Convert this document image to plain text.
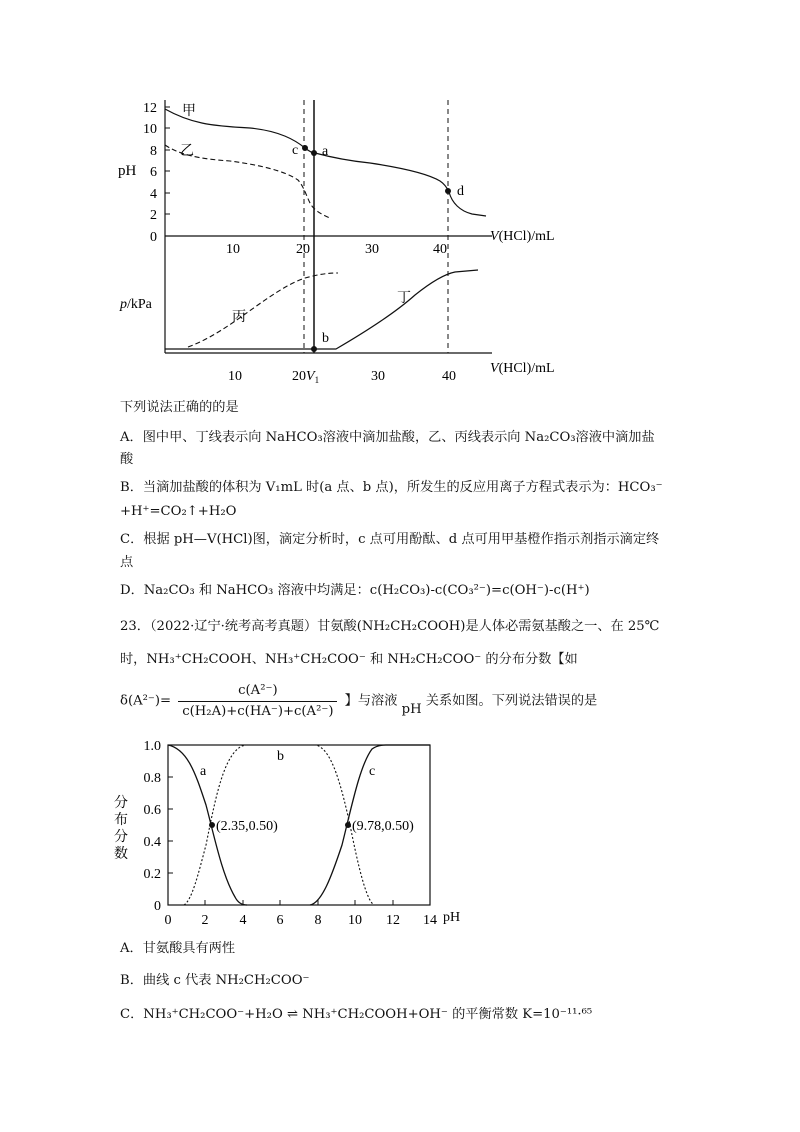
12
10
8
6
4
2
0
pH
10	20	30	40
V(HCl)/mL
10	30	40
$20V_1$
V(HCl)/mL
p/kPa
c a
d
b
甲
乙
丙
丁
下列说法正确的的是
A．图中甲、丁线表示向 NaHCO₃溶液中滴加盐酸，乙、丙线表示向 Na₂CO₃溶液中滴加盐
酸
B．当滴加盐酸的体积为 V₁mL 时(a 点、b 点)，所发生的反应用离子方程式表示为：HCO₃⁻
+H⁺=CO₂↑+H₂O
C．根据 pH—V(HCl)图，滴定分析时，c 点可用酚酞、d 点可用甲基橙作指示剂指示滴定终
点
D．Na₂CO₃ 和 NaHCO₃ 溶液中均满足：c(H₂CO₃)-c(CO₃²⁻)=c(OH⁻)-c(H⁺)
23．（2022·辽宁·统考高考真题）甘氨酸(NH₂CH₂COOH)是人体必需氨基酸之一、在 25℃
时，NH₃⁺CH₂COOH、NH₃⁺CH₂COO⁻ 和 NH₂CH₂COO⁻ 的分布分数【如
$\delta(A^{2-})= \frac{\text{c(A²⁻)}}{\text{c(H₂A)+c(HA⁻)+c(A²⁻)}}$ 】与溶液 pH 关系如图。下列说法错误的是
1.0
0.8
0.6
0.4
0.2
0
0 2 4 6 8 10 12 14 pH
分
布
分
数
(2.35,0.50)	(9.78,0.50)
a
b
c
A．甘氨酸具有两性
B．曲线 c 代表 NH₂CH₂COO⁻
C．NH₃⁺CH₂COO⁻+H₂O ⇌ NH₃⁺CH₂COOH+OH⁻ 的平衡常数 K=10⁻¹¹·⁶⁵
